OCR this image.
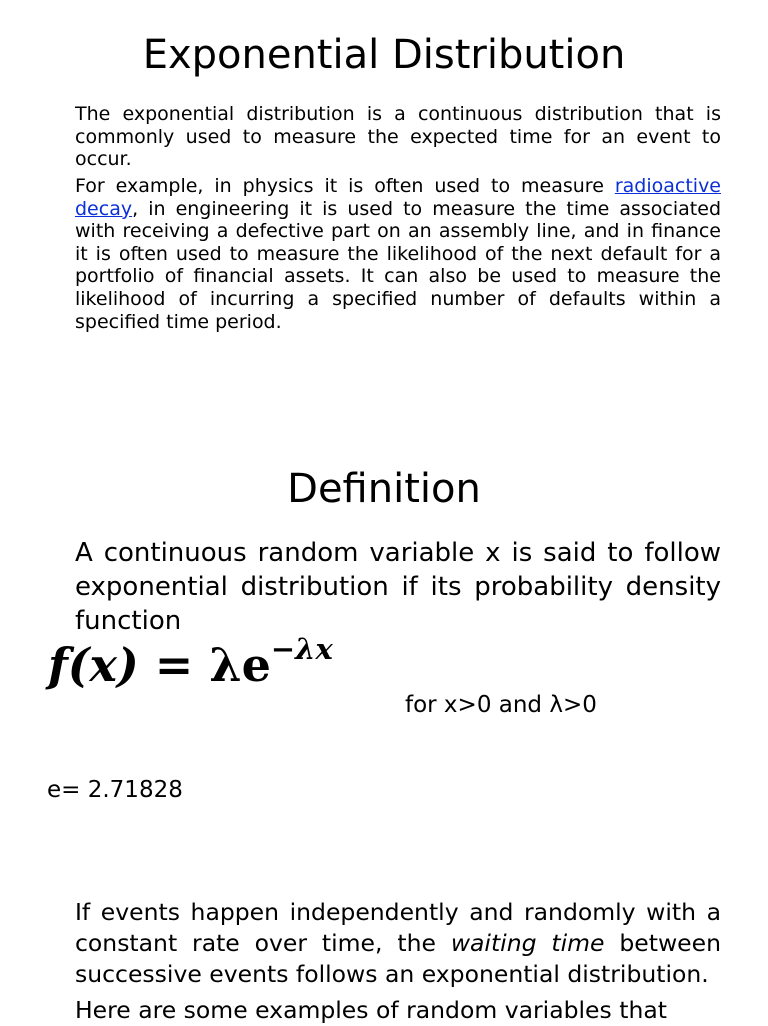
Exponential Distribution

The exponential distribution is a continuous distribution that is commonly used to measure the expected time for an event to occur.

For example, in physics it is often used to measure radioactive decay, in engineering it is used to measure the time associated with receiving a defective part on an assembly line, and in finance it is often used to measure the likelihood of the next default for a portfolio of financial assets. It can also be used to measure the likelihood of incurring a specified number of defaults within a specified time period.

Definition

A continuous random variable x is said to follow exponential distribution if its probability density function

$f(x) = \lambda e^{-\lambda x}$
for x>0 and λ>0
e= 2.71828

If events happen independently and randomly with a constant rate over time, the waiting time between successive events follows an exponential distribution.

Here are some examples of random variables that
